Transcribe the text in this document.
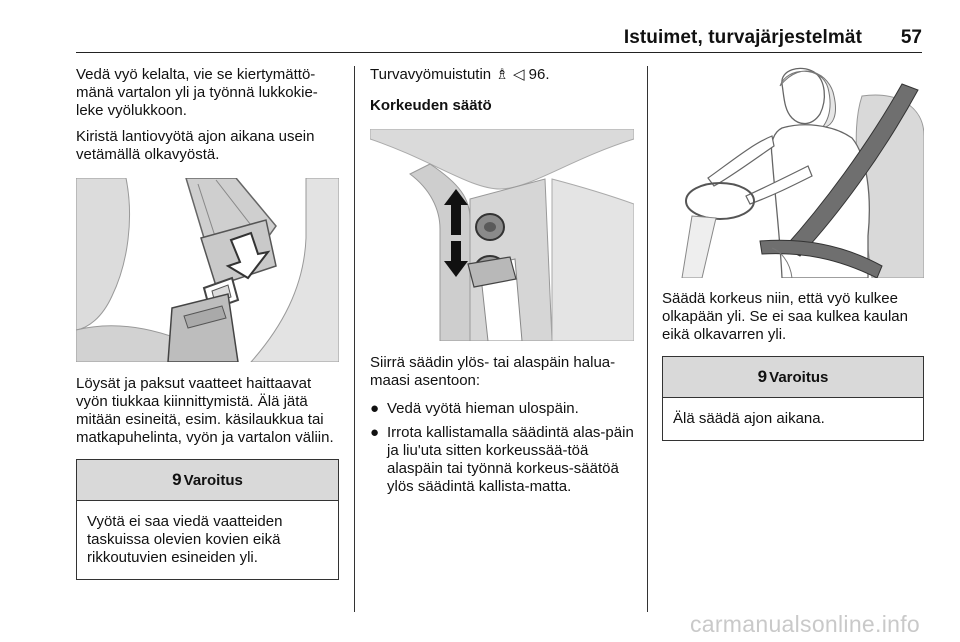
Istuimet, turvajärjestelmät 57

Vedä vyö kelalta, vie se kiertymättö-mänä vartalon yli ja työnnä lukkokie-leke vyölukkoon.

Kiristä lantiovyötä ajon aikana usein vetämällä olkavyöstä.

Löysät ja paksut vaatteet haittaavat vyön tiukkaa kiinnittymistä. Älä jätä mitään esineitä, esim. käsilaukkua tai matkapuhelinta, vyön ja vartalon väliin.

9 Varoitus
Vyötä ei saa viedä vaatteiden taskuissa olevien kovien eikä rikkoutuvien esineiden yli.

Turvavyömuistutin ♗ ◁ 96.

Korkeuden säätö

Siirrä säädin ylös- tai alaspäin halua-maasi asentoon:

● Vedä vyötä hieman ulospäin.
● Irrota kallistamalla säädintä alas-päin ja liu'uta sitten korkeussää-töä alaspäin tai työnnä korkeus-säätöä ylös säädintä kallista-matta.

Säädä korkeus niin, että vyö kulkee olkapään yli. Se ei saa kulkea kaulan eikä olkavarren yli.

9 Varoitus
Älä säädä ajon aikana.
carmanualsonline.info
